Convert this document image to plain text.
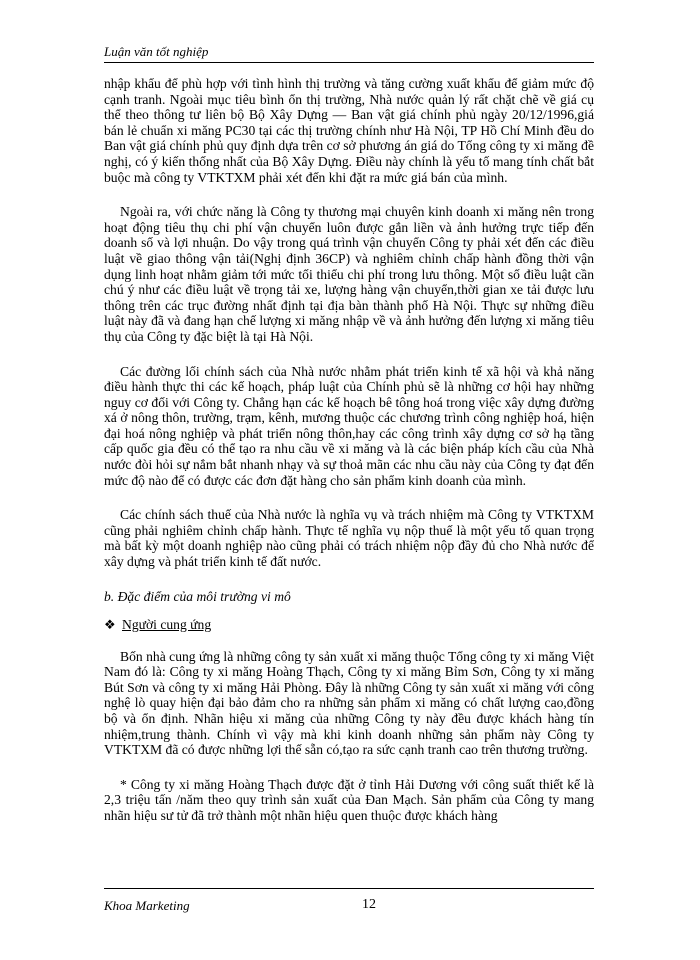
Luận văn tốt nghiệp

nhập khẩu để phù hợp với tình hình thị trường và tăng cường xuất khẩu để giảm mức độ cạnh tranh. Ngoài mục tiêu bình ổn thị trường, Nhà nước quản lý rất chặt chẽ về giá cụ thể theo thông tư liên bộ Bộ Xây Dựng — Ban vật giá chính phủ ngày 20/12/1996,giá bán lẻ chuẩn xi măng PC30 tại các thị trường chính như Hà Nội, TP Hồ Chí Minh đều do Ban vật giá chính phủ quy định dựa trên cơ sở phương án giá do Tổng công ty xi măng đề nghị, có ý kiến thống nhất của Bộ Xây Dựng. Điều này chính là yếu tố mang tính chất bắt buộc mà công ty VTKTXM phải xét đến khi đặt ra mức giá bán của mình.

Ngoài ra, với chức năng là Công ty thương mại chuyên kinh doanh xi măng nên trong hoạt động tiêu thụ chi phí vận chuyển luôn được gắn liền và ảnh hưởng trực tiếp đến doanh số và lợi nhuận. Do vậy trong quá trình vận chuyển Công ty phải xét đến các điều luật về giao thông vận tải(Nghị định 36CP) và nghiêm chỉnh chấp hành đồng thời vận dụng linh hoạt nhằm giảm tới mức tối thiểu chi phí trong lưu thông. Một số điều luật cần chú ý như các điều luật về trọng tải xe, lượng hàng vận chuyển,thời gian xe tải được lưu thông trên các trục đường nhất định tại địa bàn thành phố Hà Nội. Thực sự những điều luật này đã và đang hạn chế lượng xi măng nhập về và ảnh hưởng đến lượng xi măng tiêu thụ của Công ty đặc biệt là tại Hà Nội.

Các đường lối chính sách của Nhà nước nhằm phát triển kinh tế xã hội và khả năng điều hành thực thi các kế hoạch, pháp luật của Chính phủ sẽ là những cơ hội hay những nguy cơ đối với Công ty. Chẳng hạn các kế hoạch bê tông hoá trong việc xây dựng đường xá ở nông thôn, trường, trạm, kênh, mương thuộc các chương trình công nghiệp hoá, hiện đại hoá nông nghiệp và phát triển nông thôn,hay các công trình xây dựng cơ sở hạ tầng cấp quốc gia đều có thể tạo ra nhu cầu về xi măng và là các biện pháp kích cầu của Nhà nước đòi hỏi sự nắm bắt nhanh nhạy và sự thoả mãn các nhu cầu này của Công ty đạt đến mức độ nào để có được các đơn đặt hàng cho sản phẩm kinh doanh của mình.

Các chính sách thuế của Nhà nước là nghĩa vụ và trách nhiệm mà Công ty VTKTXM cũng phải nghiêm chỉnh chấp hành. Thực tế nghĩa vụ nộp thuế là một yếu tố quan trọng mà bất kỳ một doanh nghiệp nào cũng phải có trách nhiệm nộp đầy đủ cho Nhà nước để xây dựng và phát triển kinh tế đất nước.

b. Đặc điểm của môi trường vi mô
❖ Người cung ứng

Bốn nhà cung ứng là những công ty sản xuất xi măng thuộc Tổng công ty xi măng Việt Nam đó là: Công ty xi măng Hoàng Thạch, Công ty xi măng Bỉm Sơn, Công ty xi măng Bút Sơn và công ty xi măng Hải Phòng. Đây là những Công ty sản xuất xi măng với công nghệ lò quay hiện đại bảo đảm cho ra những sản phẩm xi măng có chất lượng cao,đồng bộ và ổn định. Nhãn hiệu xi măng của những Công ty này đều được khách hàng tín nhiệm,trung thành. Chính vì vậy mà khi kinh doanh những sản phẩm này Công ty VTKTXM đã có được những lợi thế sẵn có,tạo ra sức cạnh tranh cao trên thương trường.

* Công ty xi măng Hoàng Thạch được đặt ở tỉnh Hải Dương với công suất thiết kế là 2,3 triệu tấn /năm theo quy trình sản xuất của Đan Mạch. Sản phẩm của Công ty mang nhãn hiệu sư tử đã trở thành một nhãn hiệu quen thuộc được khách hàng

Khoa Marketing	12
